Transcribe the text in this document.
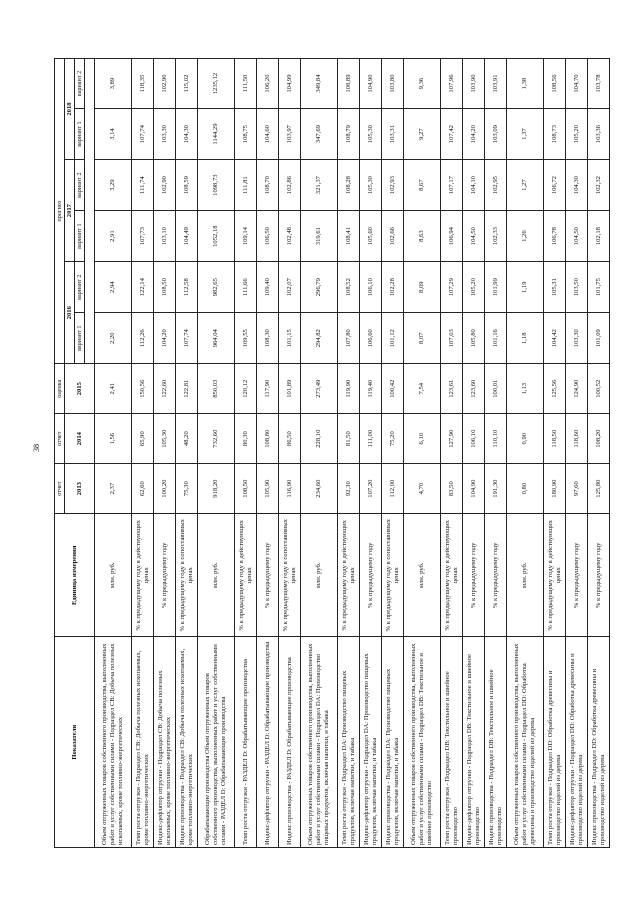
38
Показатели	Единица измерения	отчет	отчет	оценка	прогноз					
		2013	2014	2015	2016		2017		2018	
					вариант 1	вариант 2	вариант 1	вариант 2	вариант 1	вариант 2

Объем отгруженных товаров собственного производства, выполненных работ и услуг собственными силами - Подраздел CB: Добыча полезных ископаемых, кроме топливно-энергетических	млн. руб.	2,37	1,56	2,41	2,20	2,94	2,91	3,29	3,14	3,89
Темп роста отгрузки - Подраздел CB: Добыча полезных ископаемых, кроме топливно-энергетических	% к предыдущему году в действующих ценах	62,60	65,90	150,56	112,26	122,14	107,73	111,74	107,74	118,35
Индекс-дефлятор отгрузки - Подраздел CB: Добыча полезных ископаемых, кроме топливно-энергетических	% к предыдущему году	100,20	105,30	122,60	104,20	108,50	103,10	102,90	103,30	102,90
Индекс производства - Подраздел CB: Добыча полезных ископаемых, кроме топливно-энергетических	% к предыдущему году в сопоставимых ценах	75,30	48,20	122,81	107,74	112,58	104,49	108,59	104,30	115,02
Обрабатывающие производства Объем отгруженных товаров собственного производства, выполненных работ и услуг собственными силами - РАЗДЕЛ D: Обрабатывающие производства	млн. руб.	918,20	732,60	850,03	964,04	982,65	1052,18	1098,73	1144,29	1235,12
Темп роста отгрузки - РАЗДЕЛ D: Обрабатывающие производства	% к предыдущему году в действующих ценах	108,50	80,30	120,12	109,55	111,66	109,14	111,81	108,75	111,50
Индекс-дефлятор отгрузки - РАЗДЕЛ D: Обрабатывающие производства	% к предыдущему году	105,90	108,80	117,90	108,30	109,40	106,50	108,70	104,60	106,20
Индекс производства - РАЗДЕЛ D: Обрабатывающие производства	% к предыдущему году в сопоставимых ценах	116,90	86,50	101,89	101,15	102,07	102,48	102,86	103,97	104,99
Объем отгруженных товаров собственного производства, выполненных работ и услуг собственными силами - Подраздел DA: Производство пищевых продуктов, включая напитки, и табака	млн. руб.	234,60	228,10	273,49	294,82	296,79	319,61	321,37	347,69	349,84
Темп роста отгрузки - Подраздел DA: Производство пищевых продуктов, включая напитки, и табака	% к предыдущему году в действующих ценах	92,30	81,50	119,90	107,80	108,52	108,41	108,28	108,79	108,89
Индекс-дефлятор отгрузки - Подраздел DA: Производство пищевых продуктов, включая напитки, и табака	% к предыдущему году	107,20	111,00	119,40	106,60	106,10	105,60	105,30	105,30	104,90
Индекс производства - Подраздел DA: Производство пищевых продуктов, включая напитки, и табака	% к предыдущему году в сопоставимых ценах	112,00	75,20	100,42	101,12	102,28	102,66	102,93	103,31	103,80
Объем отгруженных товаров собственного производства, выполненных работ и услуг собственными силами - Подраздел DB: Текстильное и швейное производство	млн. руб.	4,70	6,10	7,54	8,07	8,09	8,63	8,67	9,27	9,36
Темп роста отгрузки - Подраздел DB: Текстильное и швейное производство	% к предыдущему году в действующих ценах	83,50	127,90	123,61	107,03	107,29	106,94	107,17	107,42	107,96
Индекс-дефлятор отгрузки - Подраздел DB: Текстильное и швейное производство	% к предыдущему году	104,90	106,10	123,60	105,80	105,20	104,50	104,10	104,20	103,90
Индекс производства - Подраздел DB: Текстильное и швейное производство	% к предыдущему году	191,30	110,10	100,01	101,16	101,99	102,33	102,95	103,09	103,91
Объем отгруженных товаров собственного производства, выполненных работ и услуг собственными силами - Подраздел DD: Обработка древесины и производство изделий из дерева	млн. руб.	0,80	0,90	1,13	1,18	1,19	1,26	1,27	1,37	1,38
Темп роста отгрузки - Подраздел DD: Обработка древесины и производство изделий из дерева	% к предыдущему году в действующих ценах	180,90	118,50	125,56	104,42	105,31	106,78	106,72	108,73	108,56
Индекс-дефлятор отгрузки - Подраздел DD: Обработка древесины и производство изделий из дерева	% к предыдущему году	97,60	118,60	124,90	103,30	103,50	104,50	104,30	105,20	104,70
Индекс производства - Подраздел DD: Обработка древесины и производство изделий из дерева	% к предыдущему году	125,80	108,20	100,52	101,09	101,75	102,18	102,32	103,36	103,78
